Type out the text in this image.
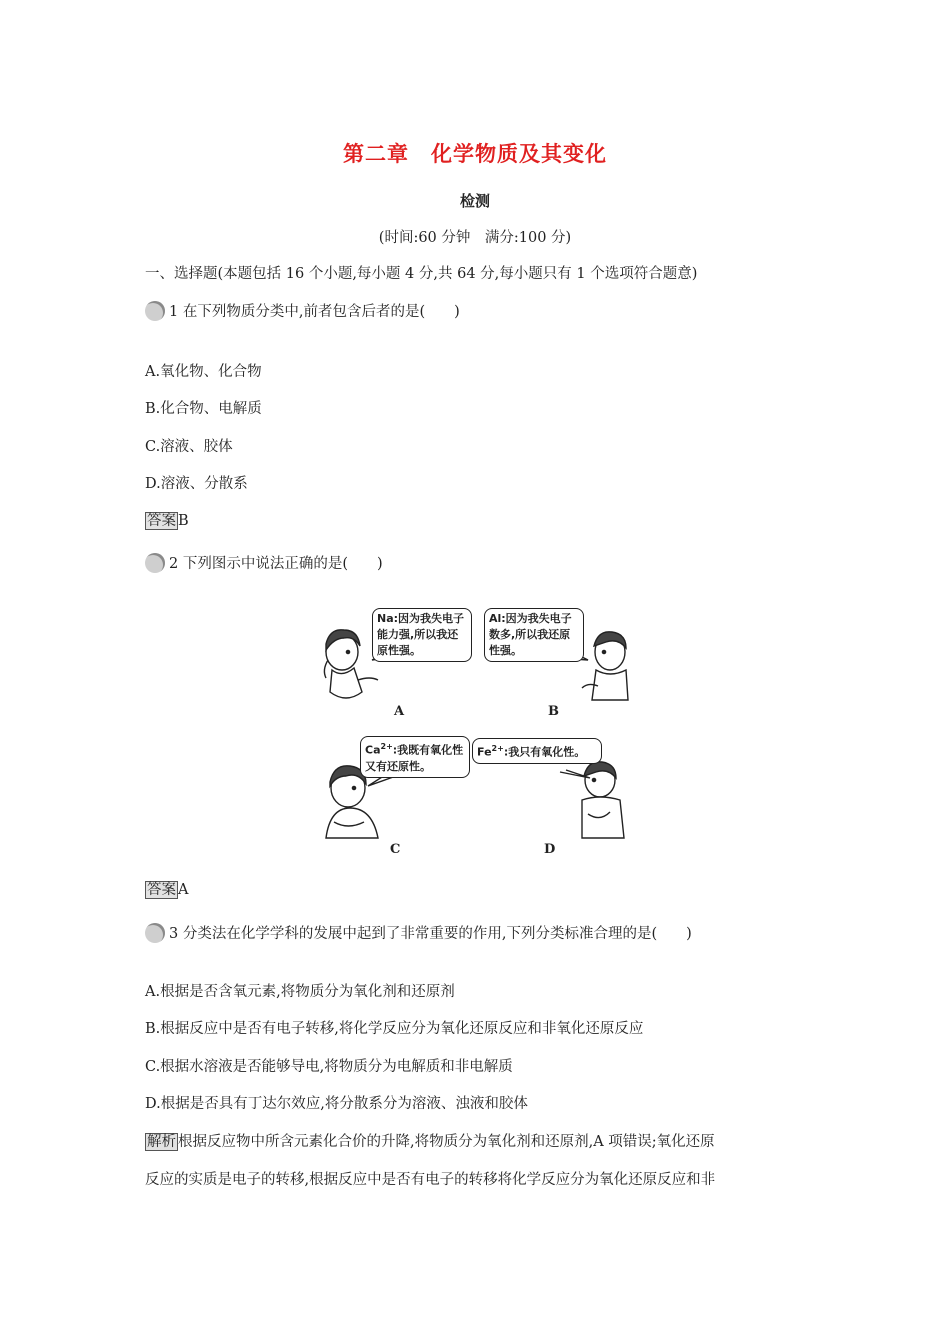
第二章　化学物质及其变化
检测
(时间:60 分钟　满分:100 分)
一、选择题(本题包括 16 个小题,每小题 4 分,共 64 分,每小题只有 1 个选项符合题意)
1 在下列物质分类中,前者包含后者的是(　　)
A.氧化物、化合物
B.化合物、电解质
C.溶液、胶体
D.溶液、分散系
答案 B
2 下列图示中说法正确的是(　　)
Na:因为我失电子能力强,所以我还原性强。
Al:因为我失电子数多,所以我还原性强。
$Ca^{2+}$:我既有氧化性又有还原性。
$Fe^{2+}$:我只有氧化性。
A	B
C	D
答案 A
3 分类法在化学学科的发展中起到了非常重要的作用,下列分类标准合理的是(　　)
A.根据是否含氧元素,将物质分为氧化剂和还原剂
B.根据反应中是否有电子转移,将化学反应分为氧化还原反应和非氧化还原反应
C.根据水溶液是否能够导电,将物质分为电解质和非电解质
D.根据是否具有丁达尔效应,将分散系分为溶液、浊液和胶体
解析 根据反应物中所含元素化合价的升降,将物质分为氧化剂和还原剂,A 项错误;氧化还原
反应的实质是电子的转移,根据反应中是否有电子的转移将化学反应分为氧化还原反应和非
